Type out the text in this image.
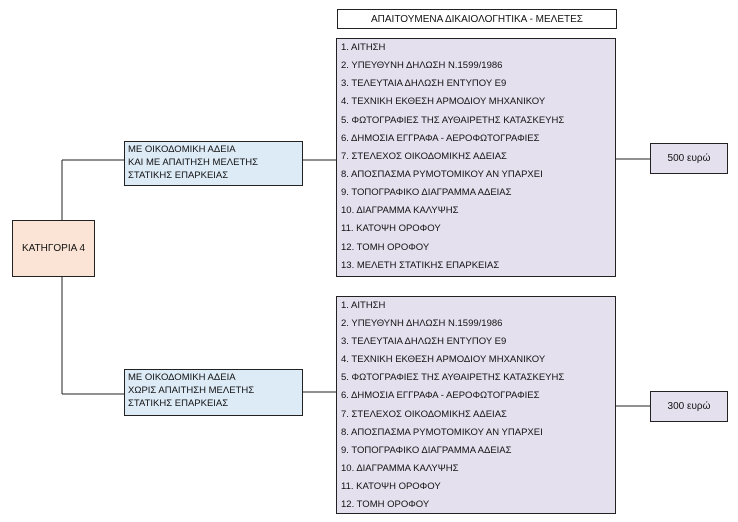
ΑΠΑΙΤΟΥΜΕΝΑ ΔΙΚΑΙΟΛΟΓΗΤΙΚΑ - ΜΕΛΕΤΕΣ
ΚΑΤΗΓΟΡΙΑ 4
ΜΕ ΟΙΚΟΔΟΜΙΚΗ ΑΔΕΙΑ
ΚΑΙ ΜΕ ΑΠΑΙΤΗΣΗ ΜΕΛΕΤΗΣ
ΣΤΑΤΙΚΗΣ ΕΠΑΡΚΕΙΑΣ
ΜΕ ΟΙΚΟΔΟΜΙΚΗ ΑΔΕΙΑ
ΧΩΡΙΣ ΑΠΑΙΤΗΣΗ ΜΕΛΕΤΗΣ
ΣΤΑΤΙΚΗΣ ΕΠΑΡΚΕΙΑΣ
1. ΑΙΤΗΣΗ
2. ΥΠΕΥΘΥΝΗ ΔΗΛΩΣΗ Ν.1599/1986
3. ΤΕΛΕΥΤΑΙΑ ΔΗΛΩΣΗ ΕΝΤΥΠΟΥ Ε9
4. ΤΕΧΝΙΚΗ ΕΚΘΕΣΗ ΑΡΜΟΔΙΟΥ ΜΗΧΑΝΙΚΟΥ
5. ΦΩΤΟΓΡΑΦΙΕΣ ΤΗΣ ΑΥΘΑΙΡΕΤΗΣ ΚΑΤΑΣΚΕΥΗΣ
6. ΔΗΜΟΣΙΑ ΕΓΓΡΑΦΑ - ΑΕΡΟΦΩΤΟΓΡΑΦΙΕΣ
7. ΣΤΕΛΕΧΟΣ ΟΙΚΟΔΟΜΙΚΗΣ ΑΔΕΙΑΣ
8. ΑΠΟΣΠΑΣΜΑ ΡΥΜΟΤΟΜΙΚΟΥ ΑΝ ΥΠΑΡΧΕΙ
9. ΤΟΠΟΓΡΑΦΙΚΟ ΔΙΑΓΡΑΜΜΑ ΑΔΕΙΑΣ
10. ΔΙΑΓΡΑΜΜΑ ΚΑΛΥΨΗΣ
11. ΚΑΤΟΨΗ ΟΡΟΦΟΥ
12. ΤΟΜΗ ΟΡΟΦΟΥ
13. ΜΕΛΕΤΗ ΣΤΑΤΙΚΗΣ ΕΠΑΡΚΕΙΑΣ
1. ΑΙΤΗΣΗ
2. ΥΠΕΥΘΥΝΗ ΔΗΛΩΣΗ Ν.1599/1986
3. ΤΕΛΕΥΤΑΙΑ ΔΗΛΩΣΗ ΕΝΤΥΠΟΥ Ε9
4. ΤΕΧΝΙΚΗ ΕΚΘΕΣΗ ΑΡΜΟΔΙΟΥ ΜΗΧΑΝΙΚΟΥ
5. ΦΩΤΟΓΡΑΦΙΕΣ ΤΗΣ ΑΥΘΑΙΡΕΤΗΣ ΚΑΤΑΣΚΕΥΗΣ
6. ΔΗΜΟΣΙΑ ΕΓΓΡΑΦΑ - ΑΕΡΟΦΩΤΟΓΡΑΦΙΕΣ
7. ΣΤΕΛΕΧΟΣ ΟΙΚΟΔΟΜΙΚΗΣ ΑΔΕΙΑΣ
8. ΑΠΟΣΠΑΣΜΑ ΡΥΜΟΤΟΜΙΚΟΥ ΑΝ ΥΠΑΡΧΕΙ
9. ΤΟΠΟΓΡΑΦΙΚΟ ΔΙΑΓΡΑΜΜΑ ΑΔΕΙΑΣ
10. ΔΙΑΓΡΑΜΜΑ ΚΑΛΥΨΗΣ
11. ΚΑΤΟΨΗ ΟΡΟΦΟΥ
12. ΤΟΜΗ ΟΡΟΦΟΥ
500 ευρώ
300 ευρώ
